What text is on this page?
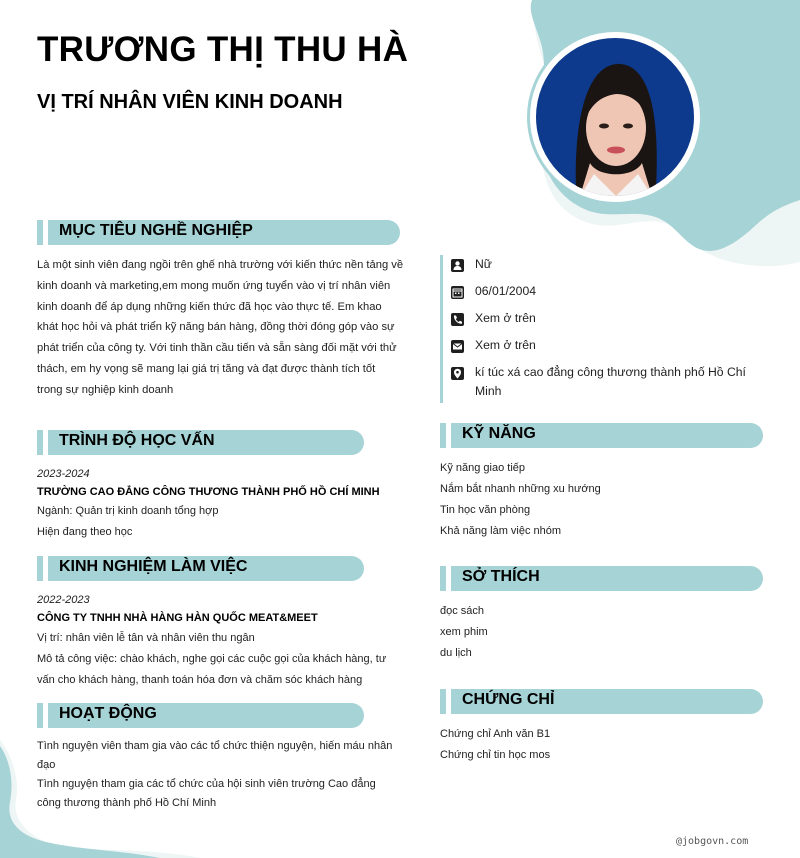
TRƯƠNG THỊ THU HÀ
VỊ TRÍ NHÂN VIÊN KINH DOANH
MỤC TIÊU NGHỀ NGHIỆP
Là một sinh viên đang ngồi trên ghế nhà trường với kiến thức nền tảng về
kinh doanh và marketing,em mong muốn ứng tuyển vào vị trí nhân viên
kinh doanh để áp dụng những kiến thức đã học vào thực tế. Em khao
khát học hỏi và phát triển kỹ năng bán hàng, đồng thời đóng góp vào sự
phát triển của công ty. Với tinh thần cầu tiến và sẵn sàng đối mặt với thử
thách, em hy vọng sẽ mang lại giá trị tăng và đạt được thành tích tốt
trong sự nghiệp kinh doanh
TRÌNH ĐỘ HỌC VẤN
2023-2024
TRƯỜNG CAO ĐẲNG CÔNG THƯƠNG THÀNH PHỐ HỒ CHÍ MINH
Ngành: Quản trị kinh doanh tổng hợp
Hiện đang theo học
KINH NGHIỆM LÀM VIỆC
2022-2023
CÔNG TY TNHH NHÀ HÀNG HÀN QUỐC MEAT&MEET
Vị trí: nhân viên lễ tân và nhân viên thu ngân
Mô tả công việc: chào khách, nghe gọi các cuộc gọi của khách hàng, tư
vấn cho khách hàng, thanh toán hóa đơn và chăm sóc khách hàng
HOẠT ĐỘNG
Tình nguyện viên tham gia vào các tổ chức thiện nguyện, hiến máu nhân
đạo
Tình nguyện tham gia các tổ chức của hội sinh viên trường Cao đẳng
công thương thành phố Hồ Chí Minh
Nữ
06/01/2004
Xem ở trên
Xem ở trên
kí túc xá cao đẳng công thương thành phố Hồ Chí
Minh
KỸ NĂNG
Kỹ năng giao tiếp
Nắm bắt nhanh những xu hướng
Tin học văn phòng
Khả năng làm việc nhóm
SỞ THÍCH
đọc sách
xem phim
du lịch
CHỨNG CHỈ
Chứng chỉ Anh văn B1
Chứng chỉ tin học mos
@jobgovn.com
